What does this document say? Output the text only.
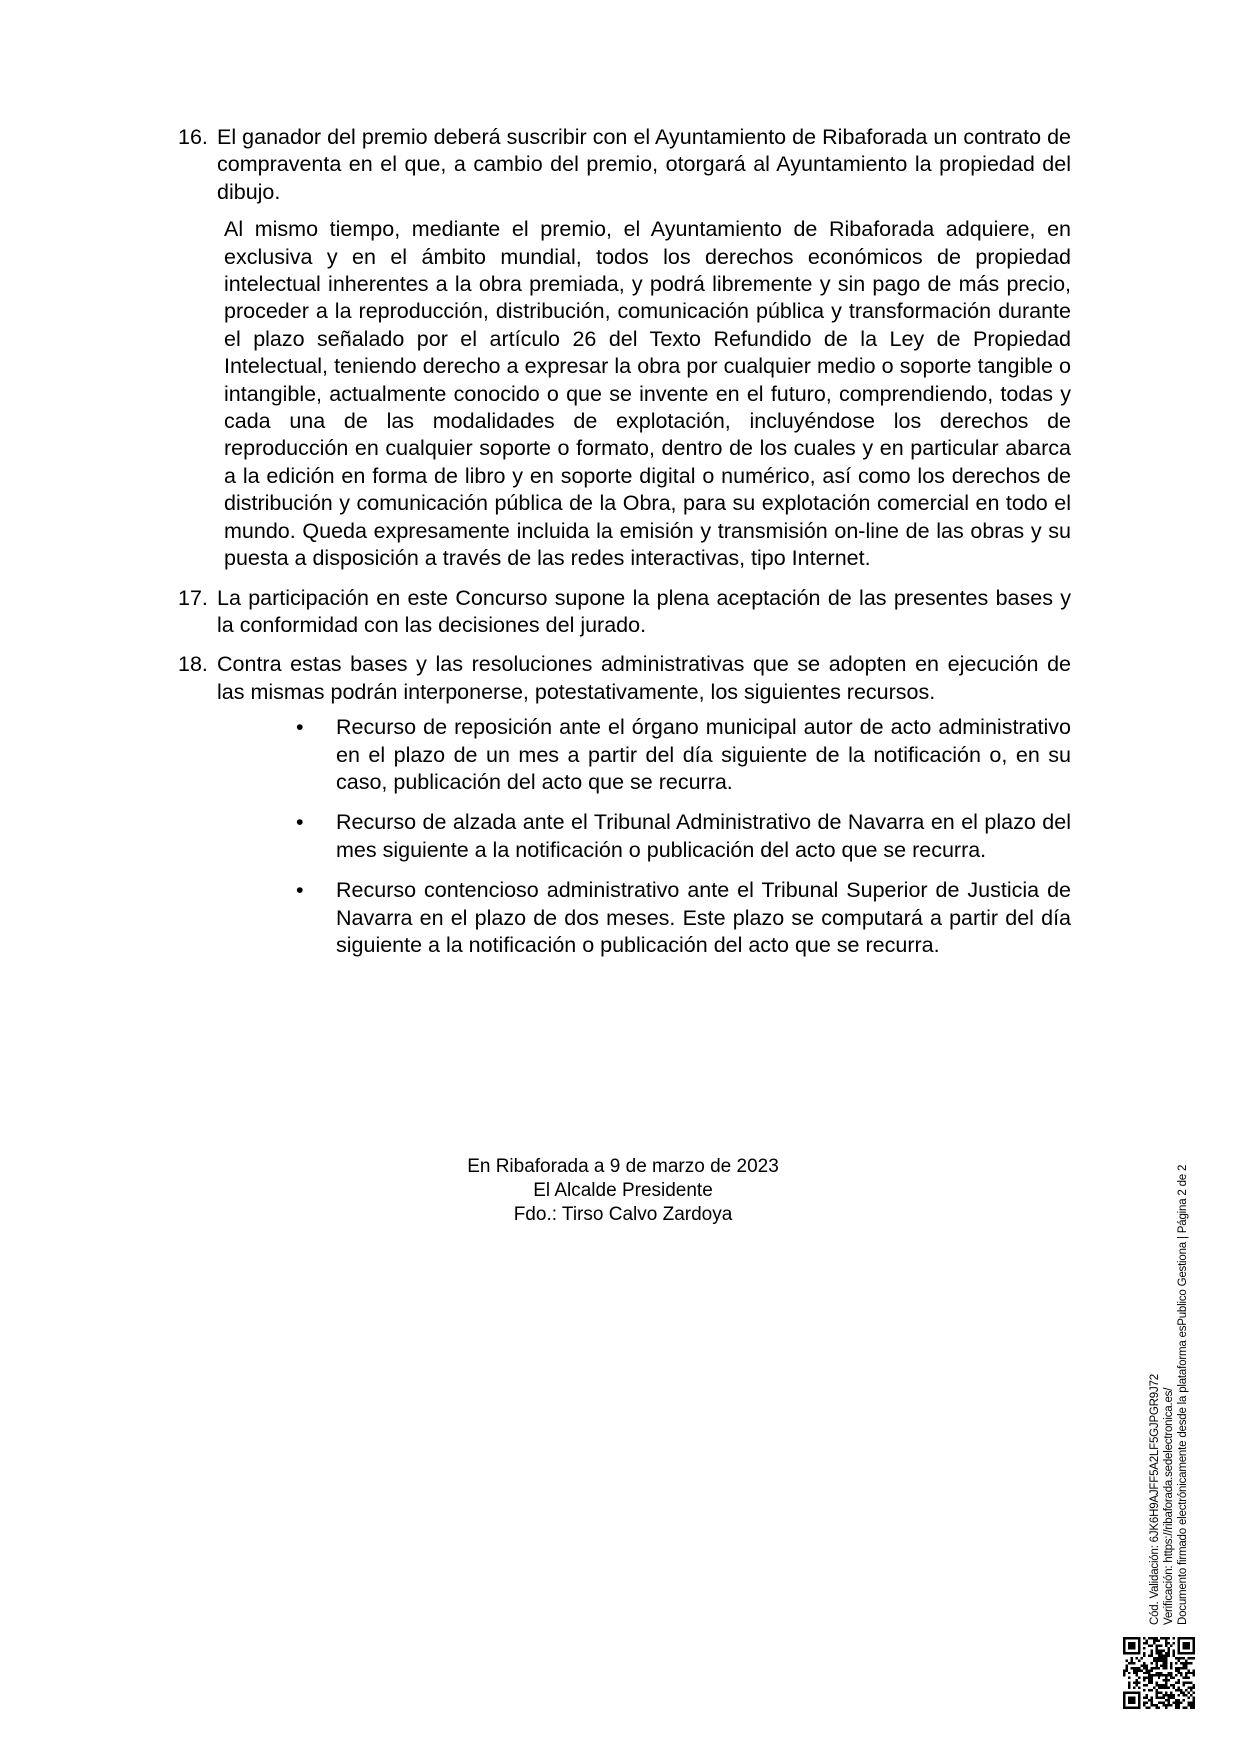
16. El ganador del premio deberá suscribir con el Ayuntamiento de Ribaforada un contrato de compraventa en el que, a cambio del premio, otorgará al Ayuntamiento la propiedad del dibujo.
Al mismo tiempo, mediante el premio, el Ayuntamiento de Ribaforada adquiere, en exclusiva y en el ámbito mundial, todos los derechos económicos de propiedad intelectual inherentes a la obra premiada, y podrá libremente y sin pago de más precio, proceder a la reproducción, distribución, comunicación pública y transformación durante el plazo señalado por el artículo 26 del Texto Refundido de la Ley de Propiedad Intelectual, teniendo derecho a expresar la obra por cualquier medio o soporte tangible o intangible, actualmente conocido o que se invente en el futuro, comprendiendo, todas y cada una de las modalidades de explotación, incluyéndose los derechos de reproducción en cualquier soporte o formato, dentro de los cuales y en particular abarca a la edición en forma de libro y en soporte digital o numérico, así como los derechos de distribución y comunicación pública de la Obra, para su explotación comercial en todo el mundo. Queda expresamente incluida la emisión y transmisión on-line de las obras y su puesta a disposición a través de las redes interactivas, tipo Internet.
17. La participación en este Concurso supone la plena aceptación de las presentes bases y la conformidad con las decisiones del jurado.
18. Contra estas bases y las resoluciones administrativas que se adopten en ejecución de las mismas podrán interponerse, potestativamente, los siguientes recursos.
• Recurso de reposición ante el órgano municipal autor de acto administrativo en el plazo de un mes a partir del día siguiente de la notificación o, en su caso, publicación del acto que se recurra.
• Recurso de alzada ante el Tribunal Administrativo de Navarra en el plazo del mes siguiente a la notificación o publicación del acto que se recurra.
• Recurso contencioso administrativo ante el Tribunal Superior de Justicia de Navarra en el plazo de dos meses. Este plazo se computará a partir del día siguiente a la notificación o publicación del acto que se recurra.
En Ribaforada a 9 de marzo de 2023
El Alcalde Presidente
Fdo.: Tirso Calvo Zardoya
Cód. Validación: 6JK6H9AJFF5A2LF5GJPGR9J72 Verificación: https://ribaforada.sedelectronica.es/ Documento firmado electrónicamente desde la plataforma esPublico Gestiona | Página 2 de 2
